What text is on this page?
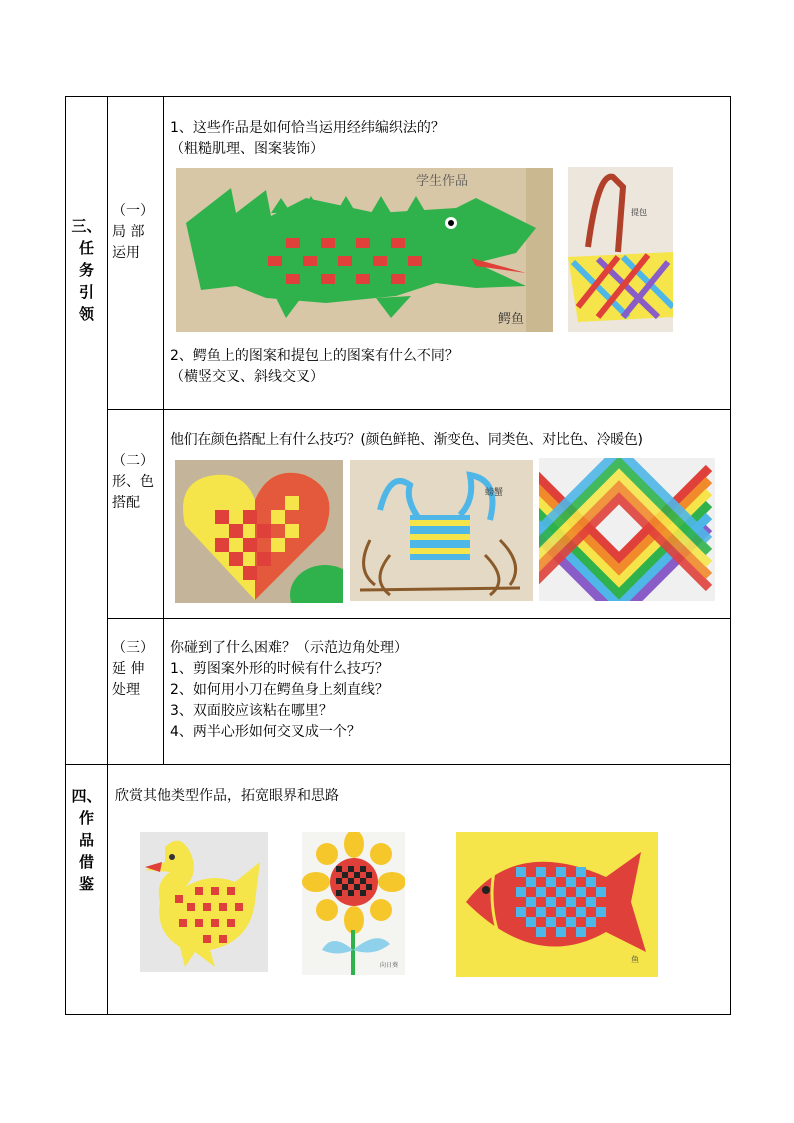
三、
任
务
引
领
（一）
局 部
运用
1、这些作品是如何恰当运用经纬编织法的？
（粗糙肌理、图案装饰）
学生作品
鳄鱼
提包
2、鳄鱼上的图案和提包上的图案有什么不同？
（横竖交叉、斜线交叉）
（二）
形、色
搭配
他们在颜色搭配上有什么技巧？(颜色鲜艳、渐变色、同类色、对比色、冷暖色)
螃蟹
（三）
延 伸
处理
你碰到了什么困难？（示范边角处理）
1、剪图案外形的时候有什么技巧？
2、如何用小刀在鳄鱼身上刻直线？
3、双面胶应该粘在哪里？
4、两半心形如何交叉成一个？
四、
作
品
借
鉴
欣赏其他类型作品，拓宽眼界和思路
向日葵
鱼
